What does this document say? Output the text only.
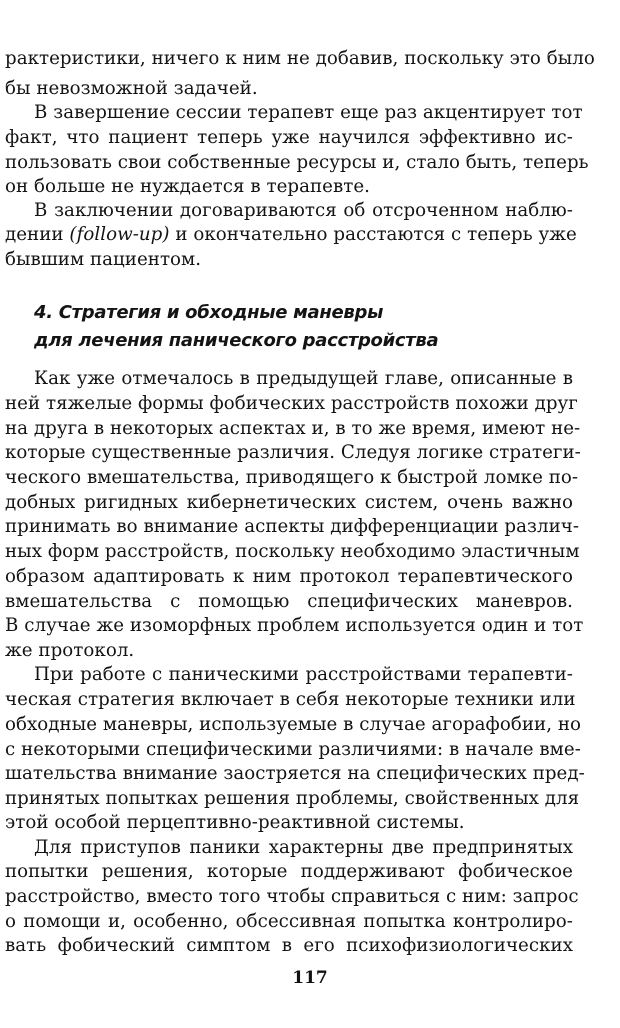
рактеристики, ничего к ним не добавив, поскольку это было
бы невозможной задачей.
В завершение сессии терапевт еще раз акцентирует тот
факт, что пациент теперь уже научился эффективно ис-
пользовать свои собственные ресурсы и, стало быть, теперь
он больше не нуждается в терапевте.
В заключении договариваются об отсроченном наблю-
дении (follow-up) и окончательно расстаются с теперь уже
бывшим пациентом.
4. Стратегия и обходные маневры
для лечения панического расстройства
Как уже отмечалось в предыдущей главе, описанные в
ней тяжелые формы фобических расстройств похожи друг
на друга в некоторых аспектах и, в то же время, имеют не-
которые существенные различия. Следуя логике стратеги-
ческого вмешательства, приводящего к быстрой ломке по-
добных ригидных кибернетических систем, очень важно
принимать во внимание аспекты дифференциации различ-
ных форм расстройств, поскольку необходимо эластичным
образом адаптировать к ним протокол терапевтического
вмешательства с помощью специфических маневров.
В случае же изоморфных проблем используется один и тот
же протокол.
При работе с паническими расстройствами терапевти-
ческая стратегия включает в себя некоторые техники или
обходные маневры, используемые в случае агорафобии, но
с некоторыми специфическими различиями: в начале вме-
шательства внимание заостряется на специфических пред-
принятых попытках решения проблемы, свойственных для
этой особой перцептивно-реактивной системы.
Для приступов паники характерны две предпринятых
попытки решения, которые поддерживают фобическое
расстройство, вместо того чтобы справиться с ним: запрос
о помощи и, особенно, обсессивная попытка контролиро-
вать фобический симптом в его психофизиологических
117
